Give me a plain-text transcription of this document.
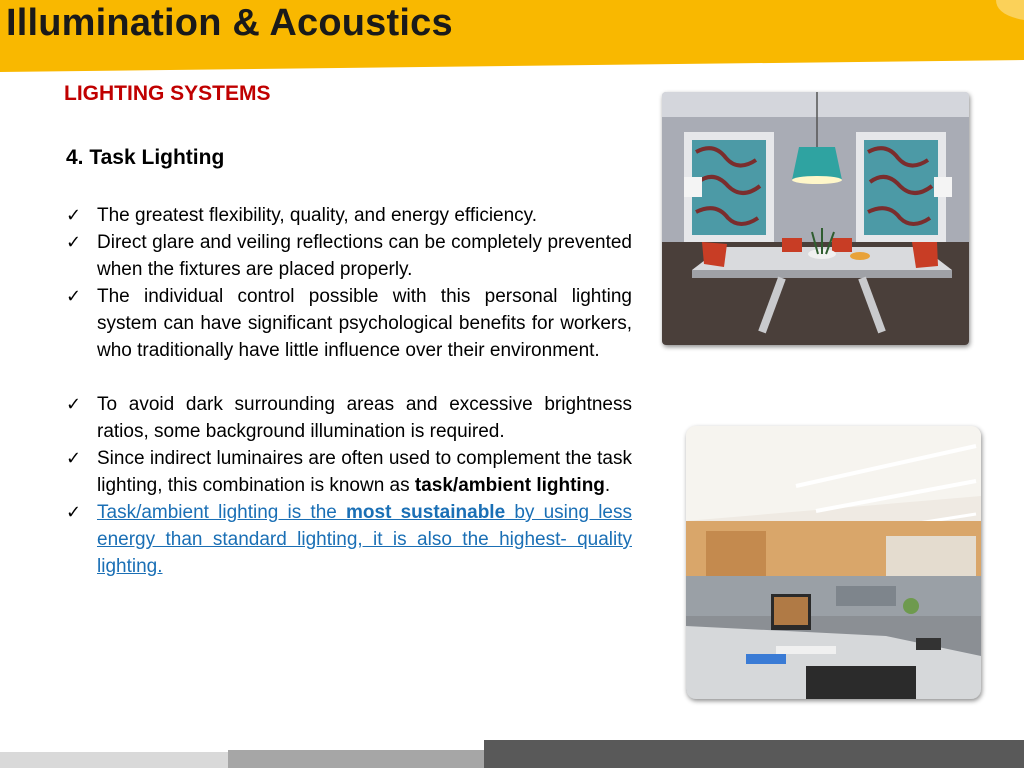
Illumination & Acoustics
LIGHTING SYSTEMS
4. Task Lighting
✓ The greatest flexibility, quality, and energy efficiency.
✓ Direct glare and veiling reflections can be completely prevented when the fixtures are placed properly.
✓ The individual control possible with this personal lighting system can have significant psychological benefits for workers, who traditionally have little influence over their environment.
✓ To avoid dark surrounding areas and excessive brightness ratios, some background illumination is required.
✓ Since indirect luminaires are often used to complement the task lighting, this combination is known as task/ambient lighting.
✓ Task/ambient lighting is the most sustainable by using less energy than standard lighting, it is also the highest- quality lighting.
